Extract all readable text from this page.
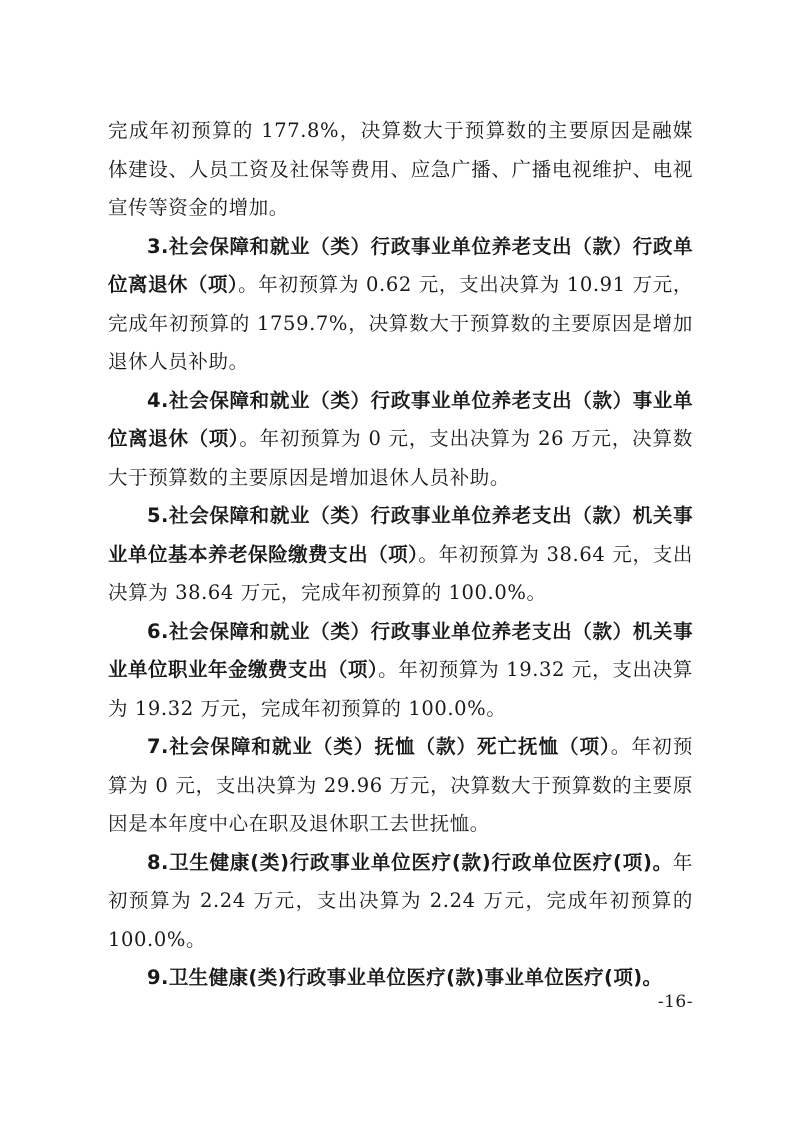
完成年初预算的 177.8%，决算数大于预算数的主要原因是融媒体建设、人员工资及社保等费用、应急广播、广播电视维护、电视宣传等资金的增加。

3.社会保障和就业（类）行政事业单位养老支出（款）行政单位离退休（项）。年初预算为 0.62 元，支出决算为 10.91 万元，完成年初预算的 1759.7%，决算数大于预算数的主要原因是增加退休人员补助。

4.社会保障和就业（类）行政事业单位养老支出（款）事业单位离退休（项）。年初预算为 0 元，支出决算为 26 万元，决算数大于预算数的主要原因是增加退休人员补助。

5.社会保障和就业（类）行政事业单位养老支出（款）机关事业单位基本养老保险缴费支出（项）。年初预算为 38.64 元，支出决算为 38.64 万元，完成年初预算的 100.0%。

6.社会保障和就业（类）行政事业单位养老支出（款）机关事业单位职业年金缴费支出（项）。年初预算为 19.32 元，支出决算为 19.32 万元，完成年初预算的 100.0%。

7.社会保障和就业（类）抚恤（款）死亡抚恤（项）。年初预算为 0 元，支出决算为 29.96 万元，决算数大于预算数的主要原因是本年度中心在职及退休职工去世抚恤。

8.卫生健康(类)行政事业单位医疗(款)行政单位医疗(项)。年初预算为 2.24 万元，支出决算为 2.24 万元，完成年初预算的 100.0%。

9.卫生健康(类)行政事业单位医疗(款)事业单位医疗(项)。

-16-
